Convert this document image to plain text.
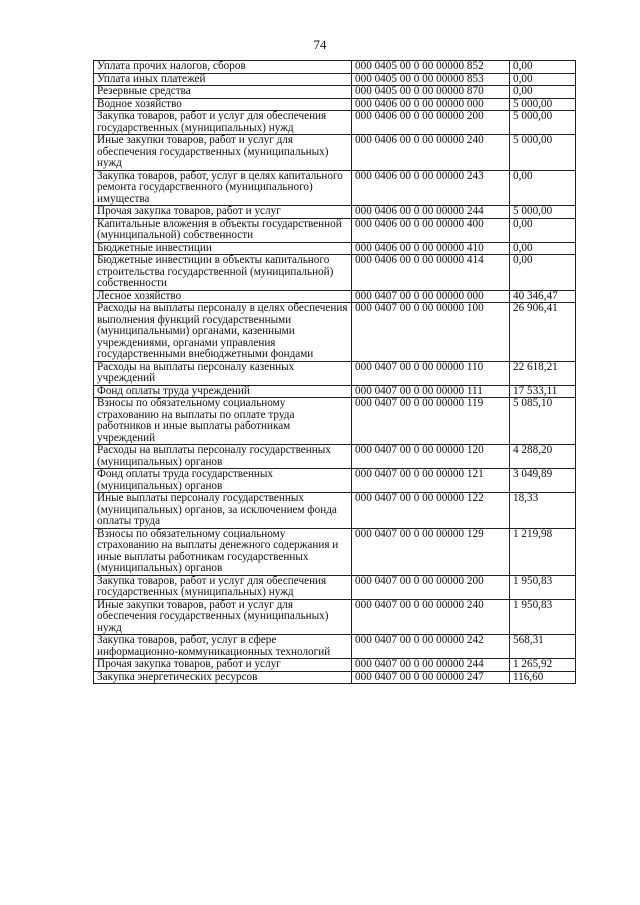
74
Уплата прочих налогов, сборов	000 0405 00 0 00 00000 852	0,00
Уплата иных платежей	000 0405 00 0 00 00000 853	0,00
Резервные средства	000 0405 00 0 00 00000 870	0,00
Водное хозяйство	000 0406 00 0 00 00000 000	5 000,00
Закупка товаров, работ и услуг для обеспечения государственных (муниципальных) нужд	000 0406 00 0 00 00000 200	5 000,00
Иные закупки товаров, работ и услуг для обеспечения государственных (муниципальных) нужд	000 0406 00 0 00 00000 240	5 000,00
Закупка товаров, работ, услуг в целях капитального ремонта государственного (муниципального) имущества	000 0406 00 0 00 00000 243	0,00
Прочая закупка товаров, работ и услуг	000 0406 00 0 00 00000 244	5 000,00
Капитальные вложения в объекты государственной (муниципальной) собственности	000 0406 00 0 00 00000 400	0,00
Бюджетные инвестиции	000 0406 00 0 00 00000 410	0,00
Бюджетные инвестиции в объекты капитального строительства государственной (муниципальной) собственности	000 0406 00 0 00 00000 414	0,00
Лесное хозяйство	000 0407 00 0 00 00000 000	40 346,47
Расходы на выплаты персоналу в целях обеспечения выполнения функций государственными (муниципальными) органами, казенными учреждениями, органами управления государственными внебюджетными фондами	000 0407 00 0 00 00000 100	26 906,41
Расходы на выплаты персоналу казенных учреждений	000 0407 00 0 00 00000 110	22 618,21
Фонд оплаты труда учреждений	000 0407 00 0 00 00000 111	17 533,11
Взносы по обязательному социальному страхованию на выплаты по оплате труда работников и иные выплаты работникам учреждений	000 0407 00 0 00 00000 119	5 085,10
Расходы на выплаты персоналу государственных (муниципальных) органов	000 0407 00 0 00 00000 120	4 288,20
Фонд оплаты труда государственных (муниципальных) органов	000 0407 00 0 00 00000 121	3 049,89
Иные выплаты персоналу государственных (муниципальных) органов, за исключением фонда оплаты труда	000 0407 00 0 00 00000 122	18,33
Взносы по обязательному социальному страхованию на выплаты денежного содержания и иные выплаты работникам государственных (муниципальных) органов	000 0407 00 0 00 00000 129	1 219,98
Закупка товаров, работ и услуг для обеспечения государственных (муниципальных) нужд	000 0407 00 0 00 00000 200	1 950,83
Иные закупки товаров, работ и услуг для обеспечения государственных (муниципальных) нужд	000 0407 00 0 00 00000 240	1 950,83
Закупка товаров, работ, услуг в сфере информационно-коммуникационных технологий	000 0407 00 0 00 00000 242	568,31
Прочая закупка товаров, работ и услуг	000 0407 00 0 00 00000 244	1 265,92
Закупка энергетических ресурсов	000 0407 00 0 00 00000 247	116,60
